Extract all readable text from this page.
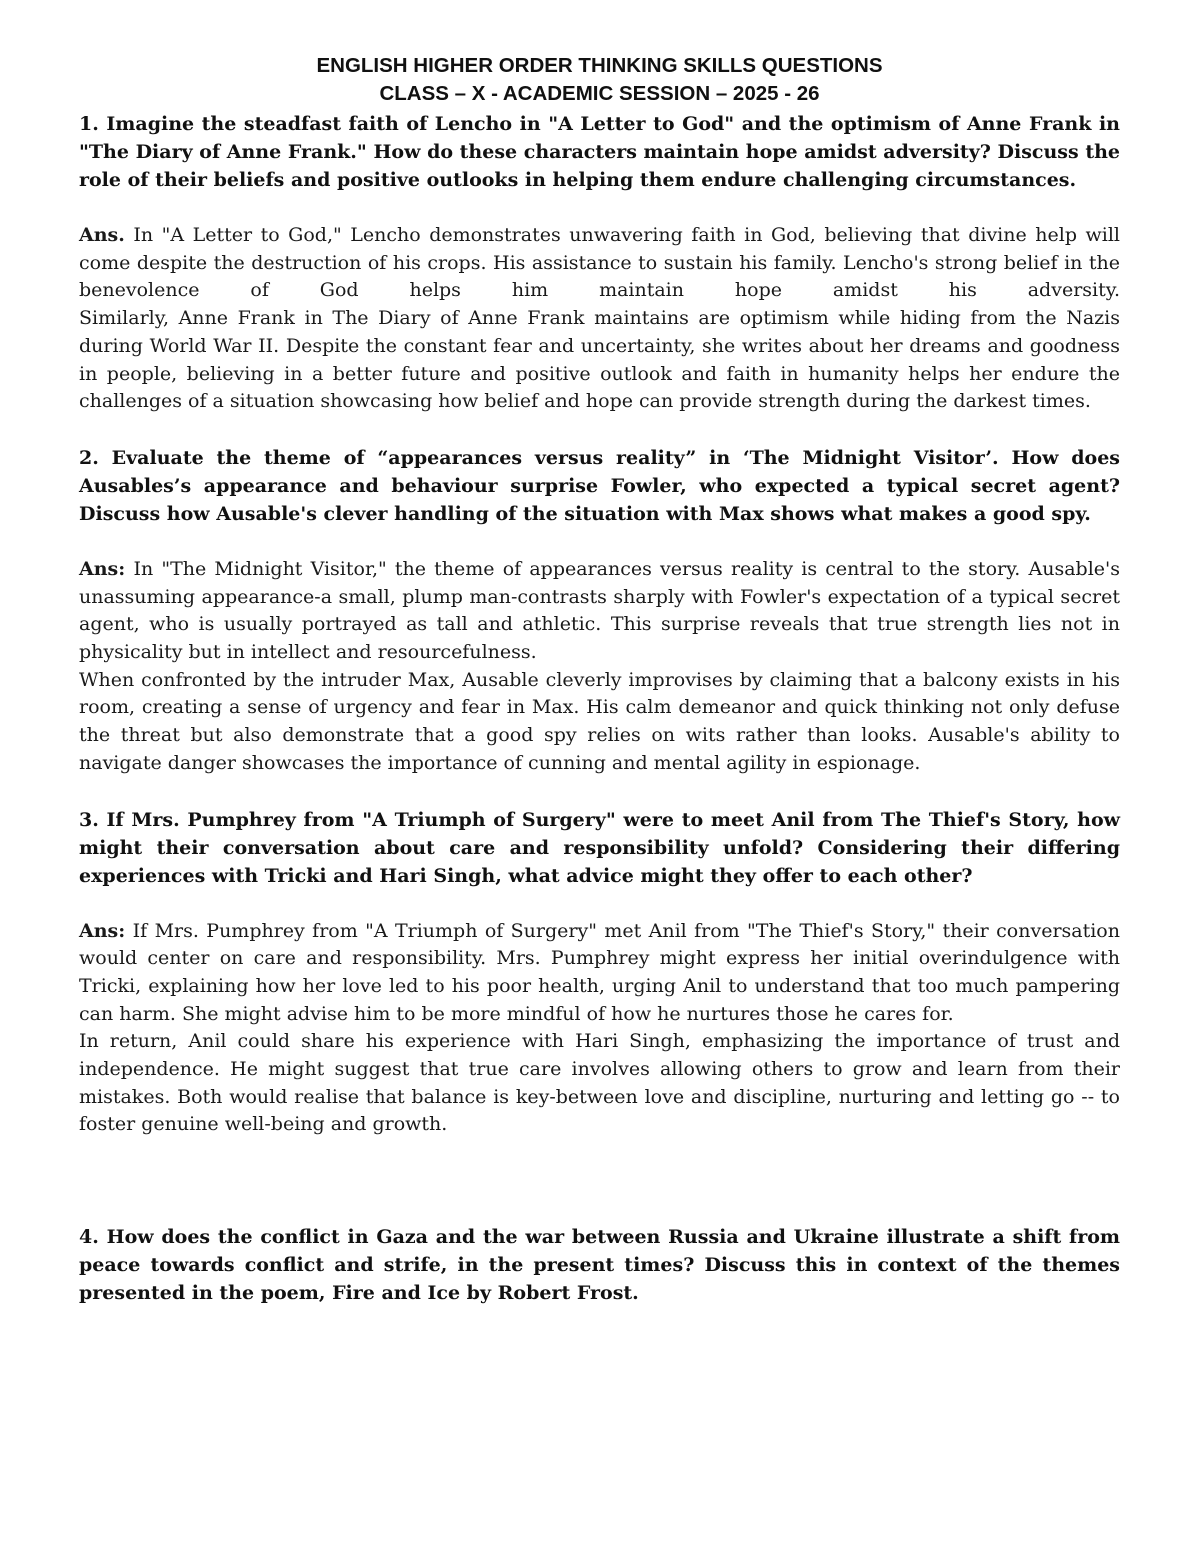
ENGLISH HIGHER ORDER THINKING SKILLS QUESTIONS

CLASS – X - ACADEMIC SESSION – 2025 - 26

1. Imagine the steadfast faith of Lencho in "A Letter to God" and the optimism of Anne Frank in "The Diary of Anne Frank." How do these characters maintain hope amidst adversity? Discuss the role of their beliefs and positive outlooks in helping them endure challenging circumstances.

Ans. In "A Letter to God," Lencho demonstrates unwavering faith in God, believing that divine help will come despite the destruction of his crops. His assistance to sustain his family. Lencho's strong belief in the benevolence of God helps him maintain hope amidst his adversity.
Similarly, Anne Frank in The Diary of Anne Frank maintains are optimism while hiding from the Nazis during World War II. Despite the constant fear and uncertainty, she writes about her dreams and goodness in people, believing in a better future and positive outlook and faith in humanity helps her endure the challenges of a situation showcasing how belief and hope can provide strength during the darkest times.

2. Evaluate the theme of “appearances versus reality” in ‘The Midnight Visitor’. How does Ausables’s appearance and behaviour surprise Fowler, who expected a typical secret agent? Discuss how Ausable's clever handling of the situation with Max shows what makes a good spy.

Ans: In "The Midnight Visitor," the theme of appearances versus reality is central to the story. Ausable's unassuming appearance-a small, plump man-contrasts sharply with Fowler's expectation of a typical secret agent, who is usually portrayed as tall and athletic. This surprise reveals that true strength lies not in physicality but in intellect and resourcefulness.
When confronted by the intruder Max, Ausable cleverly improvises by claiming that a balcony exists in his room, creating a sense of urgency and fear in Max. His calm demeanor and quick thinking not only defuse the threat but also demonstrate that a good spy relies on wits rather than looks. Ausable's ability to navigate danger showcases the importance of cunning and mental agility in espionage.

3. If Mrs. Pumphrey from "A Triumph of Surgery" were to meet Anil from The Thief's Story, how might their conversation about care and responsibility unfold? Considering their differing experiences with Tricki and Hari Singh, what advice might they offer to each other?

Ans: If Mrs. Pumphrey from "A Triumph of Surgery" met Anil from "The Thief's Story," their conversation would center on care and responsibility. Mrs. Pumphrey might express her initial overindulgence with Tricki, explaining how her love led to his poor health, urging Anil to understand that too much pampering can harm. She might advise him to be more mindful of how he nurtures those he cares for.
In return, Anil could share his experience with Hari Singh, emphasizing the importance of trust and independence. He might suggest that true care involves allowing others to grow and learn from their mistakes. Both would realise that balance is key-between love and discipline, nurturing and letting go -- to foster genuine well-being and growth.

4. How does the conflict in Gaza and the war between Russia and Ukraine illustrate a shift from peace towards conflict and strife, in the present times? Discuss this in context of the themes presented in the poem, Fire and Ice by Robert Frost.
